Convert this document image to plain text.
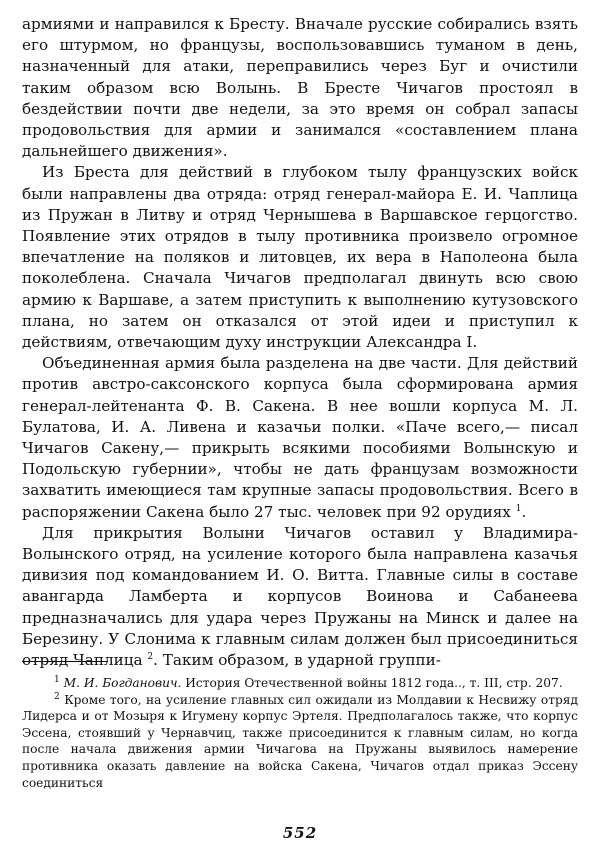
армиями и направился к Бресту. Вначале русские собирались взять его штурмом, но французы, воспользовавшись туманом в день, назначенный для атаки, переправились через Буг и очистили таким образом всю Волынь. В Бресте Чичагов простоял в бездействии почти две недели, за это время он собрал запасы продовольствия для армии и занимался «составлением плана дальнейшего движения».

Из Бреста для действий в глубоком тылу французских войск были направлены два отряда: отряд генерал-майора Е. И. Чаплица из Пружан в Литву и отряд Чернышева в Варшавское герцогство. Появление этих отрядов в тылу противника произвело огромное впечатление на поляков и литовцев, их вера в Наполеона была поколеблена. Сначала Чичагов предполагал двинуть всю свою армию к Варшаве, а затем приступить к выполнению кутузовского плана, но затем он отказался от этой идеи и приступил к действиям, отвечающим духу инструкции Александра I.

Объединенная армия была разделена на две части. Для действий против австро-саксонского корпуса была сформирована армия генерал-лейтенанта Ф. В. Сакена. В нее вошли корпуса М. Л. Булатова, И. А. Ливена и казачьи полки. «Паче всего,— писал Чичагов Сакену,— прикрыть всякими пособиями Волынскую и Подольскую губернии», чтобы не дать французам возможности захватить имеющиеся там крупные запасы продовольствия. Всего в распоряжении Сакена было 27 тыс. человек при 92 орудиях $^1$.

Для прикрытия Волыни Чичагов оставил у Владимира-Волынского отряд, на усиление которого была направлена казачья дивизия под командованием И. О. Витта. Главные силы в составе авангарда Ламберта и корпусов Воинова и Сабанеева предназначались для удара через Пружаны на Минск и далее на Березину. У Слонима к главным силам должен был присоединиться отряд Чаплица $^2$. Таким образом, в ударной группи-

$^1$ М. И. Богданович. История Отечественной войны 1812 года.., т. III, стр. 207.

$^2$ Кроме того, на усиление главных сил ожидали из Молдавии к Несвижу отряд Лидерса и от Мозыря к Игумену корпус Эртеля. Предполагалось также, что корпус Эссена, стоявший у Чернавчиц, также присоединится к главным силам, но когда после начала движения армии Чичагова на Пружаны выявилось намерение противника оказать давление на войска Сакена, Чичагов отдал приказ Эссену соединиться

552
